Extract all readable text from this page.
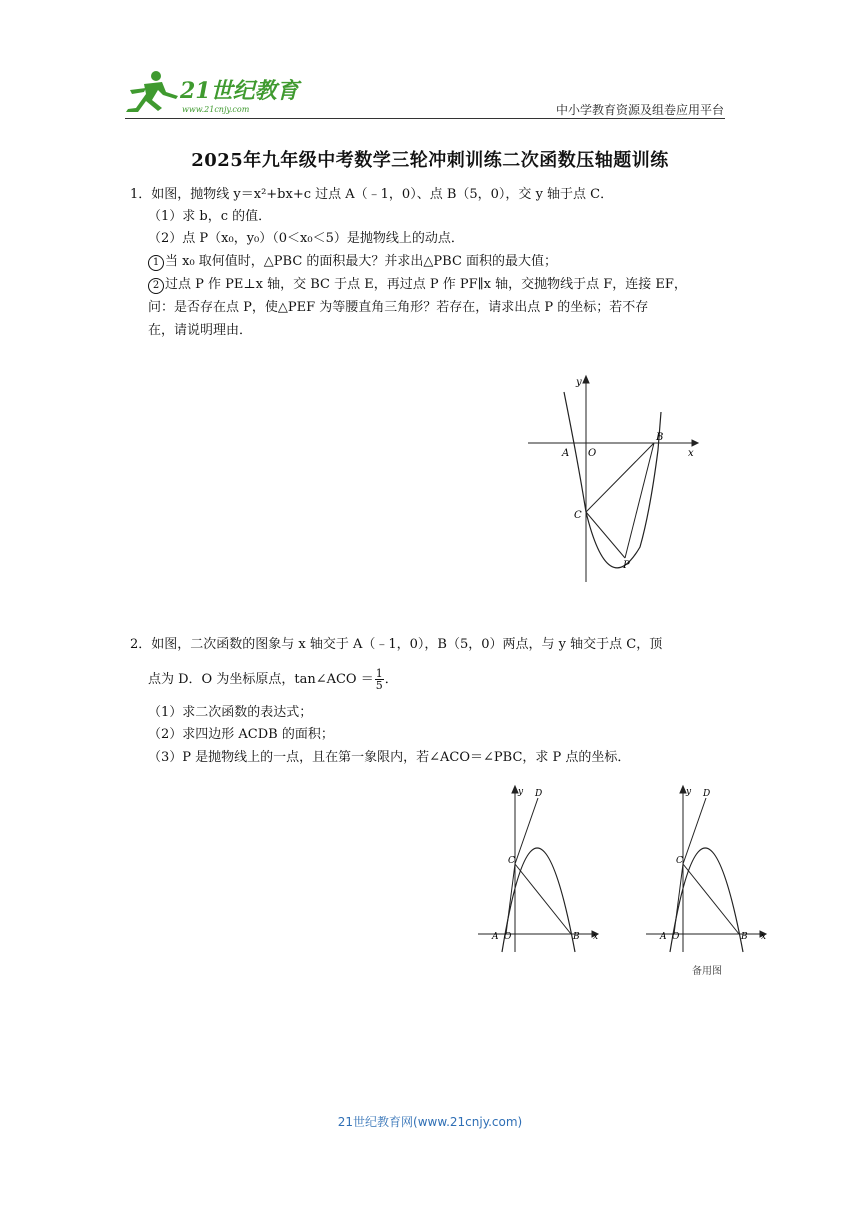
21世纪教育
www.21cnjy.com	中小学教育资源及组卷应用平台
2025年九年级中考数学三轮冲刺训练二次函数压轴题训练
1．如图，抛物线 y＝x²+bx+c 过点 A（﹣1，0）、点 B（5，0），交 y 轴于点 C．
（1）求 b，c 的值．
（2）点 P（x₀，y₀）（0＜x₀＜5）是抛物线上的动点．
1 当 x₀ 取何值时，△PBC 的面积最大？并求出△PBC 面积的最大值；
2 过点 P 作 PE⊥x 轴，交 BC 于点 E，再过点 P 作 PF∥x 轴，交抛物线于点 F，连接 EF，
问：是否存在点 P，使△PEF 为等腰直角三角形？若存在，请求出点 P 的坐标；若不存
在，请说明理由．
y
x
A O
B
C
P
2．如图，二次函数的图象与 x 轴交于 A（﹣1，0），B（5，0）两点，与 y 轴交于点 C，顶
点为 D．O 为坐标原点，tan∠ACO ＝ $\frac{1}{5}$ ．
（1）求二次函数的表达式；
（2）求四边形 ACDB 的面积；
（3）P 是抛物线上的一点，且在第一象限内，若∠ACO＝∠PBC，求 P 点的坐标．
y
x
D
C
A O	B
y
x
D
C
A O	B
备用图
21世纪教育网(www.21cnjy.com)
